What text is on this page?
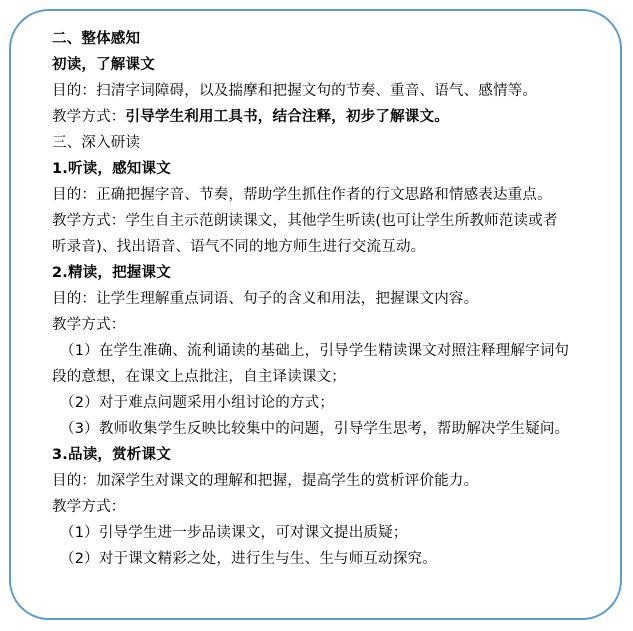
二、整体感知
初读，了解课文
目的：扫清字词障碍，以及揣摩和把握文句的节奏、重音、语气、感情等。
教学方式：引导学生利用工具书，结合注释，初步了解课文。
三、深入研读
1.听读，感知课文
目的：正确把握字音、节奏，帮助学生抓住作者的行文思路和情感表达重点。
教学方式：学生自主示范朗读课文，其他学生听读(也可让学生所教师范读或者
听录音)、找出语音、语气不同的地方师生进行交流互动。
2.精读，把握课文
目的：让学生理解重点词语、句子的含义和用法，把握课文内容。
教学方式：
（1）在学生准确、流利诵读的基础上，引导学生精读课文对照注释理解字词句
段的意想，在课文上点批注，自主译读课文；
（2）对于难点问题采用小组讨论的方式；
（3）教师收集学生反映比较集中的问题，引导学生思考，帮助解决学生疑问。
3.品读，赏析课文
目的：加深学生对课文的理解和把握，提高学生的赏析评价能力。
教学方式：
（1）引导学生进一步品读课文，可对课文提出质疑；
（2）对于课文精彩之处，进行生与生、生与师互动探究。
